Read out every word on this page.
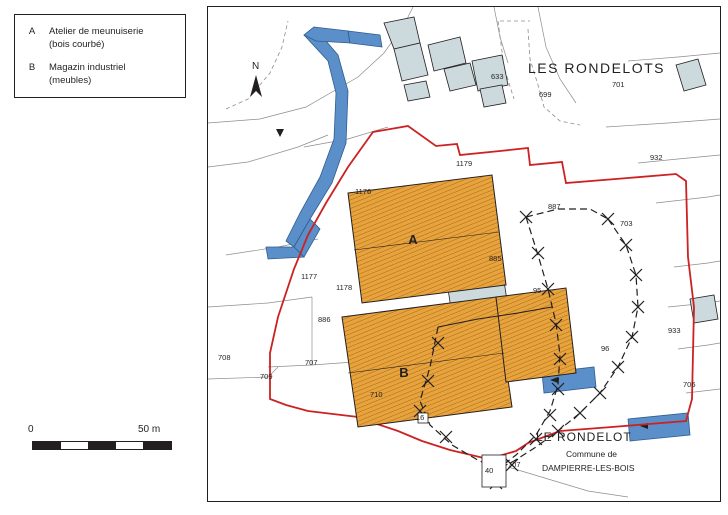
A	Atelier de meunuiserie
(bois courbé)
B	Magazin industriel
(meubles)
0	50 m
N
A
B
LES RONDELOTS
LE RONDELOT
Commune de
DAMPIERRE-LES-BOIS
633
699
701
932
1179
1176
887
703
885
95
933
1177
1178
886
96
708
707
709
710
16
706
40
707
